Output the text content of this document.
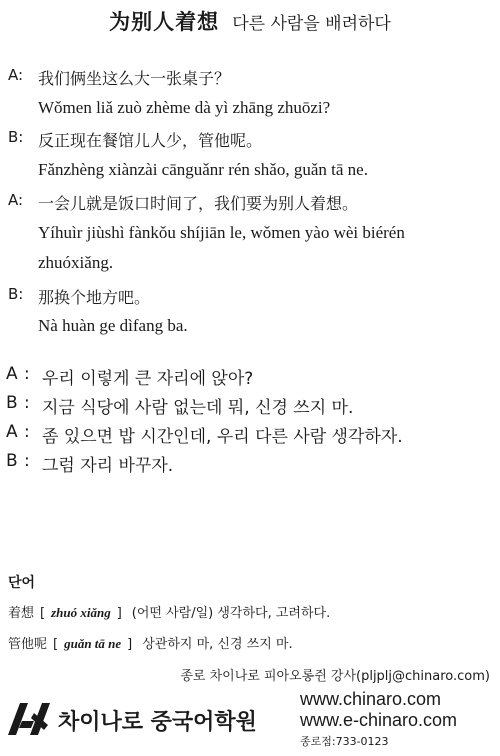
为别人着想 다른 사람을 배려하다
A: 我们俩坐这么大一张桌子？
Wǒmen liǎ zuò zhème dà yì zhāng zhuōzi?
B: 反正现在餐馆儿人少，管他呢。
Fǎnzhèng xiànzài cānguǎnr rén shǎo, guǎn tā ne.
A: 一会儿就是饭口时间了，我们要为别人着想。
Yíhuìr jiùshì fànkǒu shíjiān le, wǒmen yào wèi biérén
zhuóxiǎng.
B: 那换个地方吧。
Nà huàn ge dìfang ba.
A : 우리 이렇게 큰 자리에 앉아?
B : 지금 식당에 사람 없는데 뭐, 신경 쓰지 마.
A : 좀 있으면 밥 시간인데, 우리 다른 사람 생각하자.
B : 그럼 자리 바꾸자.
단어
着想 [ zhuó xiǎng ] (어떤 사람/일) 생각하다, 고려하다.
管他呢 [ guǎn tā ne ] 상관하지 마, 신경 쓰지 마.
종로 차이나로 피아오롱쥔 강사(pljplj@chinaro.com)
차이나로 중국어학원
www.chinaro.com
www.e-chinaro.com
종로점:733-0123
